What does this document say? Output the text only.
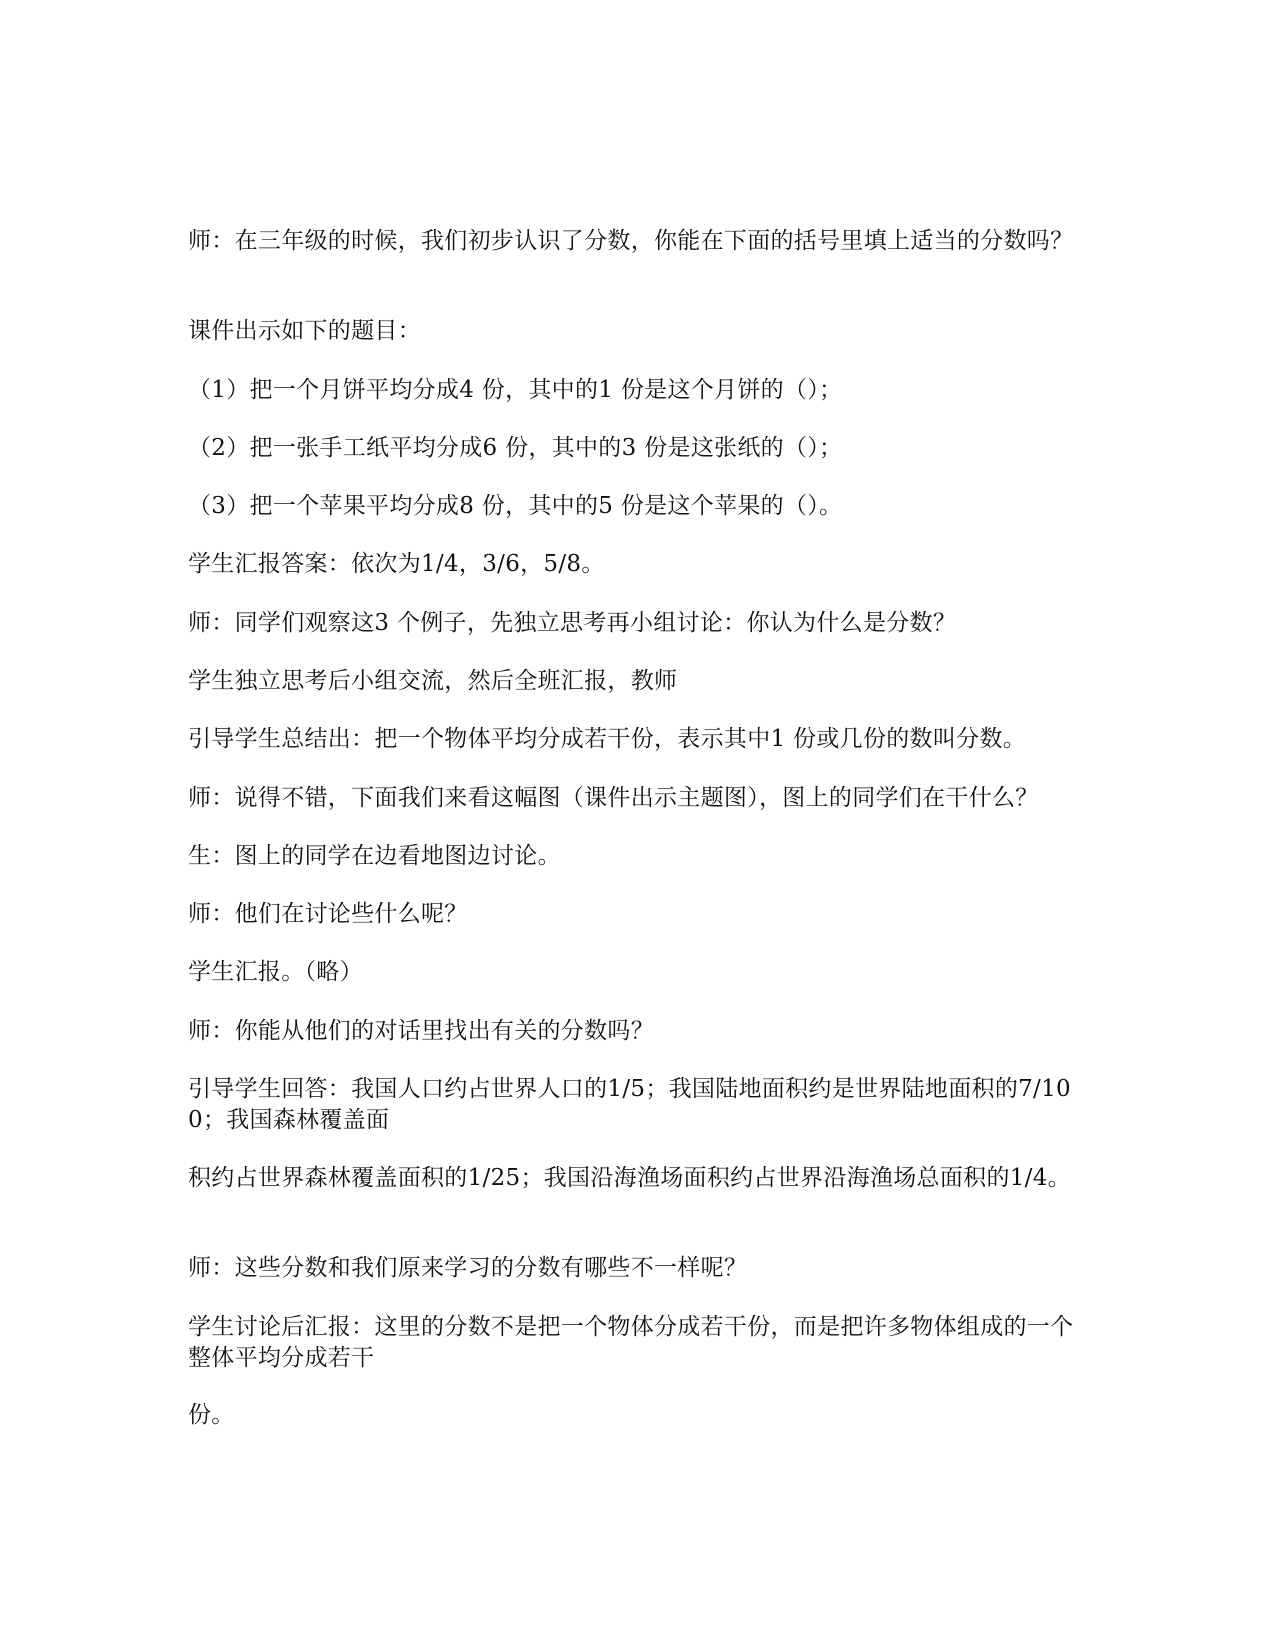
师：在三年级的时候，我们初步认识了分数，你能在下面的括号里填上适当的分数吗？

课件出示如下的题目：

（1）把一个月饼平均分成4 份，其中的1 份是这个月饼的（）；

（2）把一张手工纸平均分成6 份，其中的3 份是这张纸的（）；

（3）把一个苹果平均分成8 份，其中的5 份是这个苹果的（）。

学生汇报答案：依次为1/4，3/6，5/8。

师：同学们观察这3 个例子，先独立思考再小组讨论：你认为什么是分数？

学生独立思考后小组交流，然后全班汇报，教师

引导学生总结出：把一个物体平均分成若干份，表示其中1 份或几份的数叫分数。

师：说得不错，下面我们来看这幅图（课件出示主题图），图上的同学们在干什么？

生：图上的同学在边看地图边讨论。

师：他们在讨论些什么呢？

学生汇报。（略）

师：你能从他们的对话里找出有关的分数吗？

引导学生回答：我国人口约占世界人口的1/5；我国陆地面积约是世界陆地面积的7/100；我国森林覆盖面

积约占世界森林覆盖面积的1/25；我国沿海渔场面积约占世界沿海渔场总面积的1/4。

师：这些分数和我们原来学习的分数有哪些不一样呢？

学生讨论后汇报：这里的分数不是把一个物体分成若干份，而是把许多物体组成的一个整体平均分成若干

份。
